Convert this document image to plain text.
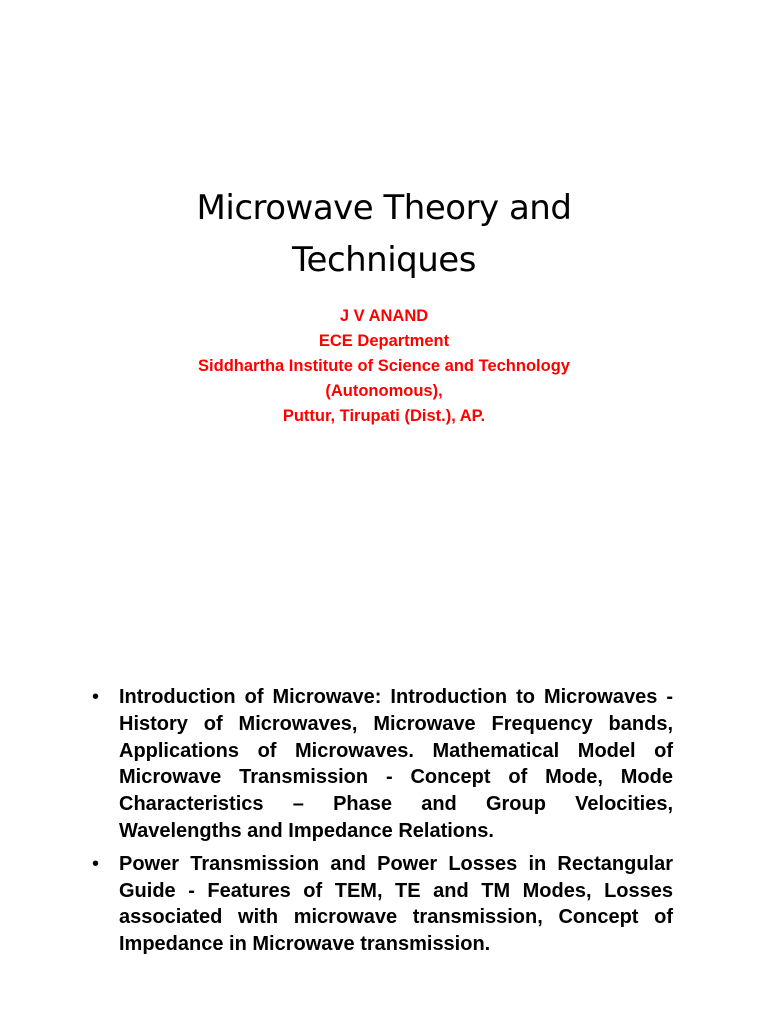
Microwave Theory and
Techniques
J V ANAND
ECE Department
Siddhartha Institute of Science and Technology
(Autonomous),
Puttur, Tirupati (Dist.), AP.
• Introduction of Microwave: Introduction to Microwaves - History of Microwaves, Microwave Frequency bands, Applications of Microwaves. Mathematical Model of Microwave Transmission - Concept of Mode, Mode Characteristics – Phase and Group Velocities, Wavelengths and Impedance Relations.
• Power Transmission and Power Losses in Rectangular Guide - Features of TEM, TE and TM Modes, Losses associated with microwave transmission, Concept of Impedance in Microwave transmission.
